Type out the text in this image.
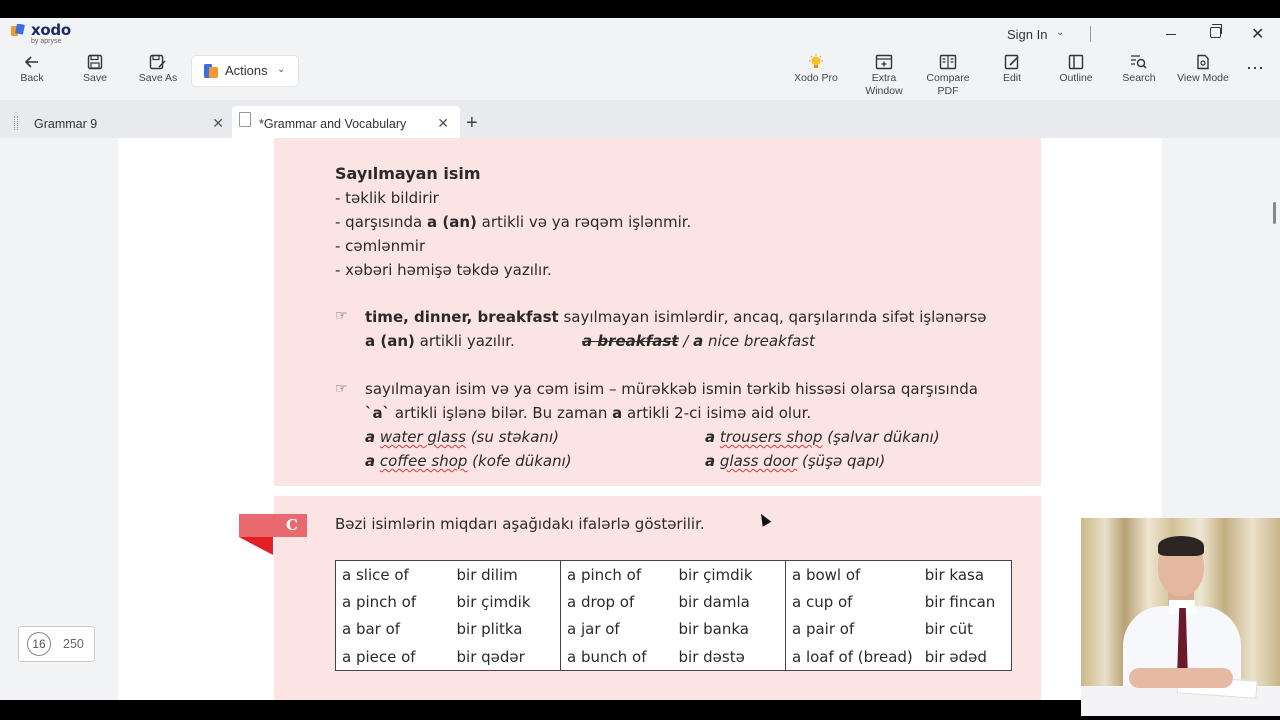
xodo
by apryse	Sign In ⌄	✕
Back	Save	Save As	Actions ⌄
Xodo Pro	Extra Window
Compare PDF
Edit	Outline	Search	View Mode ⋯
Grammar 9	✕	*Grammar and Vocabulary ✕ +
Sayılmayan isim
- təklik bildirir
- qarşısında a (an) artikli və ya rəqəm işlənmir.
- cəmlənmir
- xəbəri həmişə təkdə yazılır.
☞ time, dinner, breakfast sayılmayan isimlərdir, ancaq, qarşılarında sifət işlənərsə
a (an) artikli yazılır.	a breakfast / a nice breakfast
☞ sayılmayan isim və ya cəm isim – mürəkkəb ismin tərkib hissəsi olarsa qarşısında
`a` artikli işlənə bilər. Bu zaman a artikli 2-ci isimə aid olur.
a water glass (su stəkanı)	a trousers shop (şalvar dükanı)
a coffee shop (kofe dükanı)	a glass door (şüşə qapı)
C Bəzi isimlərin miqdarı aşağıdakı ifalərlə göstərilir.
a slice of	bir dilim	a pinch of	bir çimdik	a bowl of	bir kasa
a pinch of	bir çimdik	a drop of	bir damla	a cup of	bir fincan
a bar of	bir plitka	a jar of	bir banka	a pair of	bir cüt
a piece of	bir qədər	a bunch of	bir dəstə	a loaf of (bread)	bir ədəd
16	250
